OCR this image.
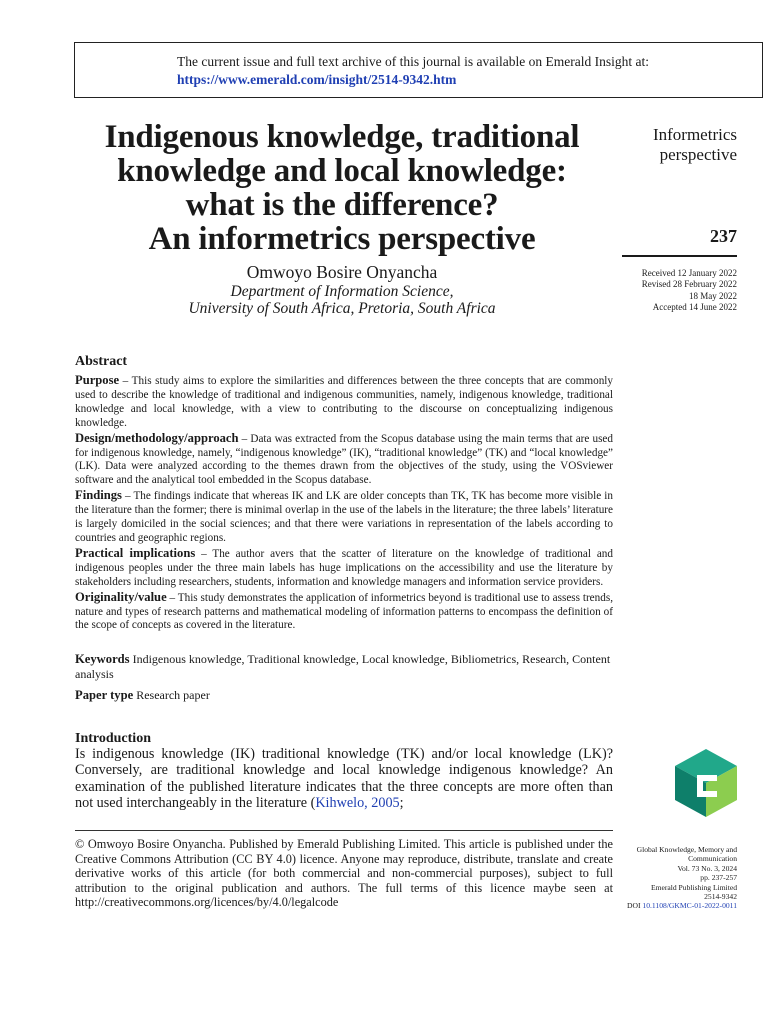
The current issue and full text archive of this journal is available on Emerald Insight at:
https://www.emerald.com/insight/2514-9342.htm
Indigenous knowledge, traditional
knowledge and local knowledge:
what is the difference?
An informetrics perspective
Omwoyo Bosire Onyancha
Department of Information Science,
University of South Africa, Pretoria, South Africa
Informetrics
perspective
237
Received 12 January 2022
Revised 28 February 2022
18 May 2022
Accepted 14 June 2022
Abstract

Purpose – This study aims to explore the similarities and differences between the three concepts that are commonly used to describe the knowledge of traditional and indigenous communities, namely, indigenous knowledge, traditional knowledge and local knowledge, with a view to contributing to the discourse on conceptualizing indigenous knowledge.

Design/methodology/approach – Data was extracted from the Scopus database using the main terms that are used for indigenous knowledge, namely, “indigenous knowledge” (IK), “traditional knowledge” (TK) and “local knowledge” (LK). Data were analyzed according to the themes drawn from the objectives of the study, using the VOSviewer software and the analytical tool embedded in the Scopus database.

Findings – The findings indicate that whereas IK and LK are older concepts than TK, TK has become more visible in the literature than the former; there is minimal overlap in the use of the labels in the literature; the three labels’ literature is largely domiciled in the social sciences; and that there were variations in representation of the labels according to countries and geographic regions.

Practical implications – The author avers that the scatter of literature on the knowledge of traditional and indigenous peoples under the three main labels has huge implications on the accessibility and use the literature by stakeholders including researchers, students, information and knowledge managers and information service providers.

Originality/value – This study demonstrates the application of informetrics beyond is traditional use to assess trends, nature and types of research patterns and mathematical modeling of information patterns to encompass the definition of the scope of concepts as covered in the literature.

Keywords Indigenous knowledge, Traditional knowledge, Local knowledge, Bibliometrics, Research, Content analysis
Paper type Research paper
Introduction
Is indigenous knowledge (IK) traditional knowledge (TK) and/or local knowledge (LK)? Conversely, are traditional knowledge and local knowledge indigenous knowledge? An examination of the published literature indicates that the three concepts are more often than not used interchangeably in the literature (Kihwelo, 2005;
© Omwoyo Bosire Onyancha. Published by Emerald Publishing Limited. This article is published under the Creative Commons Attribution (CC BY 4.0) licence. Anyone may reproduce, distribute, translate and create derivative works of this article (for both commercial and non-commercial purposes), subject to full attribution to the original publication and authors. The full terms of this licence maybe seen at http://creativecommons.org/licences/by/4.0/legalcode
Global Knowledge, Memory and
Communication
Vol. 73 No. 3, 2024
pp. 237-257
Emerald Publishing Limited
2514-9342
DOI 10.1108/GKMC-01-2022-0011
